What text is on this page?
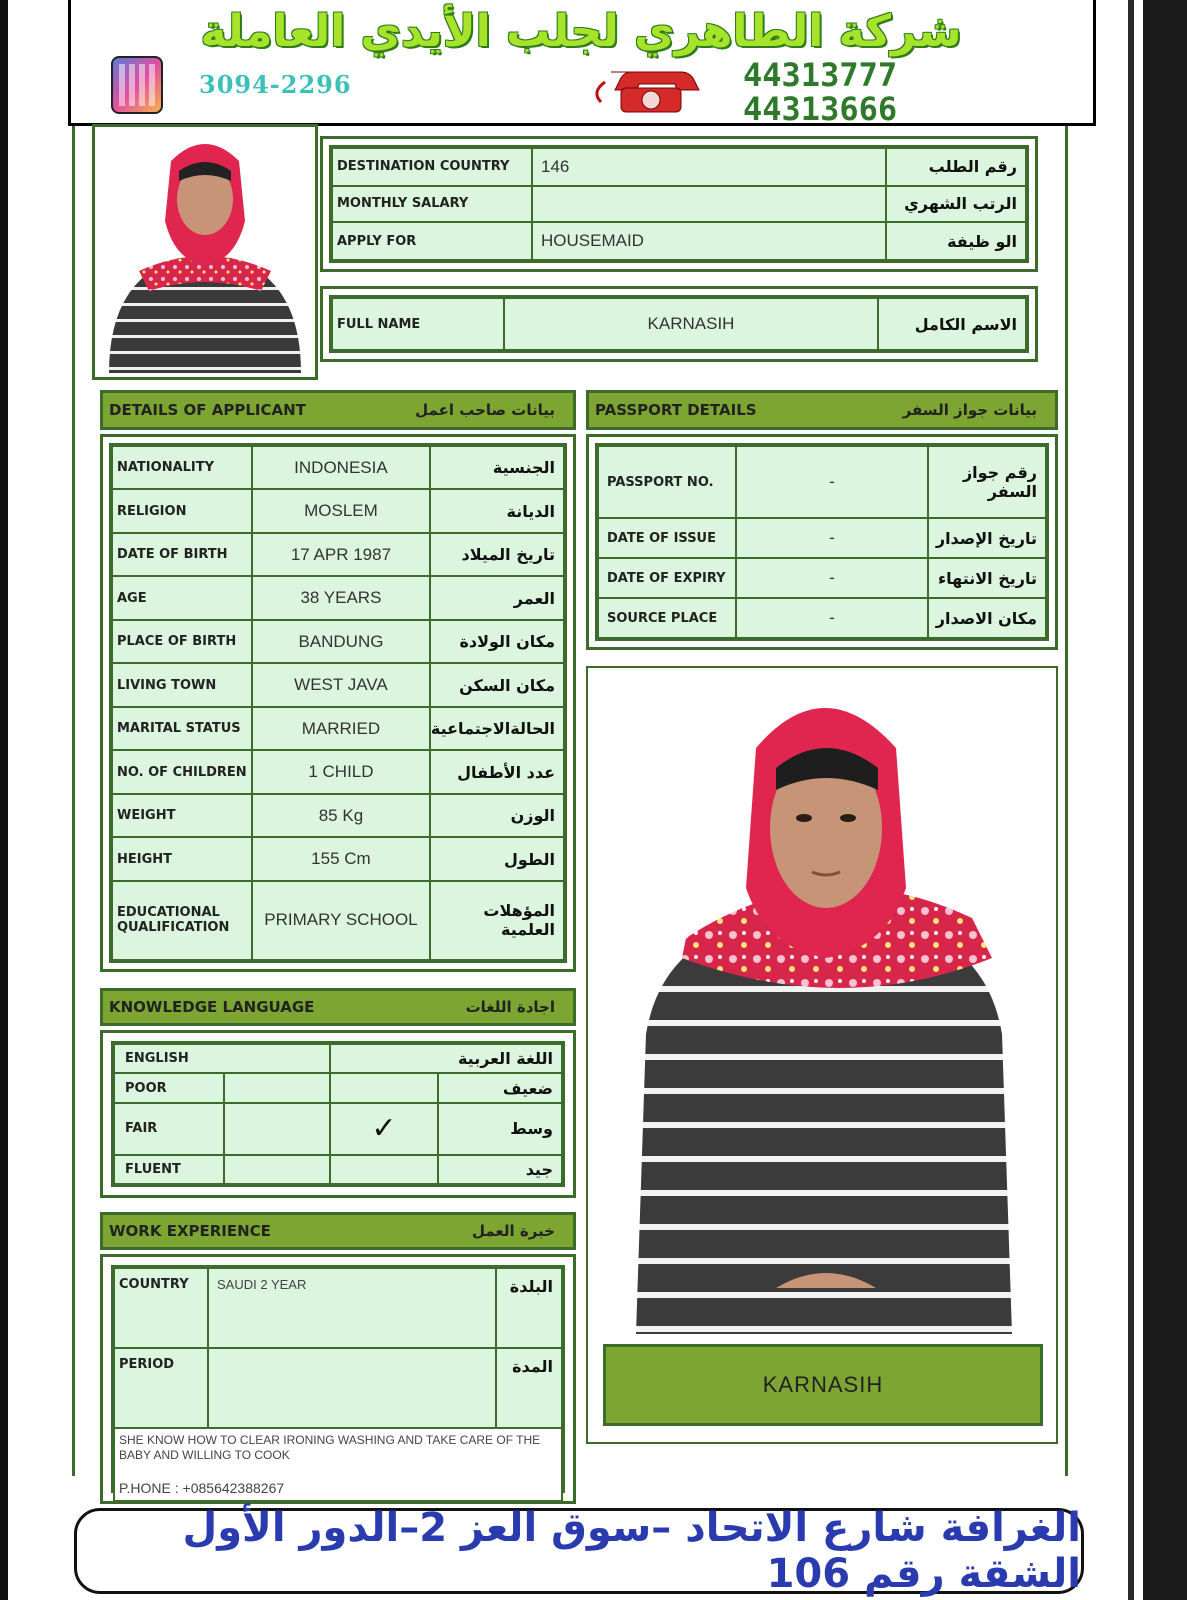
شركة الطاهري لجلب الأيدي العاملة
3094-2296	44313777
44313666
DESTINATION COUNTRY	146	رقم الطلب
MONTHLY SALARY		الرتب الشهري
APPLY FOR	HOUSEMAID	الو ظيفة
FULL NAME	KARNASIH	الاسم الكامل
DETAILS OF APPLICANT	بيانات صاحب اعمل
NATIONALITY	INDONESIA	الجنسية
RELIGION	MOSLEM	الديانة
DATE OF BIRTH	17 APR 1987	تاريخ الميلاد
AGE	38 YEARS	العمر
PLACE OF BIRTH	BANDUNG	مكان الولادة
LIVING TOWN	WEST JAVA	مكان السكن
MARITAL STATUS	MARRIED	الحالةالاجتماعية
NO. OF CHILDREN	1 CHILD	عدد الأطفال
WEIGHT	85 Kg	الوزن
HEIGHT	155 Cm	الطول
EDUCATIONAL QUALIFICATION	PRIMARY SCHOOL	المؤهلات العلمية
PASSPORT DETAILS	بيانات جواز السفر
PASSPORT NO.	-	رقم جواز السفر
DATE OF ISSUE	-	تاريخ الإصدار
DATE OF EXPIRY	-	تاريخ الانتهاء
SOURCE PLACE	-	مكان الاصدار
KARNASIH
KNOWLEDGE LANGUAGE	اجادة اللغات
ENGLISH		اللغة العربية	
POOR			ضعيف
FAIR		✓	وسط
FLUENT			جيد
WORK EXPERIENCE	خبرة العمل
COUNTRY	SAUDI 2 YEAR	البلدة
PERIOD		المدة

SHE KNOW HOW TO CLEAR IRONING WASHING AND TAKE CARE OF THE BABY AND WILLING TO COOK
P.HONE : +085642388267		
الغرافة شارع الاتحاد –سوق العز 2–الدور الأول الشقة رقم 106
